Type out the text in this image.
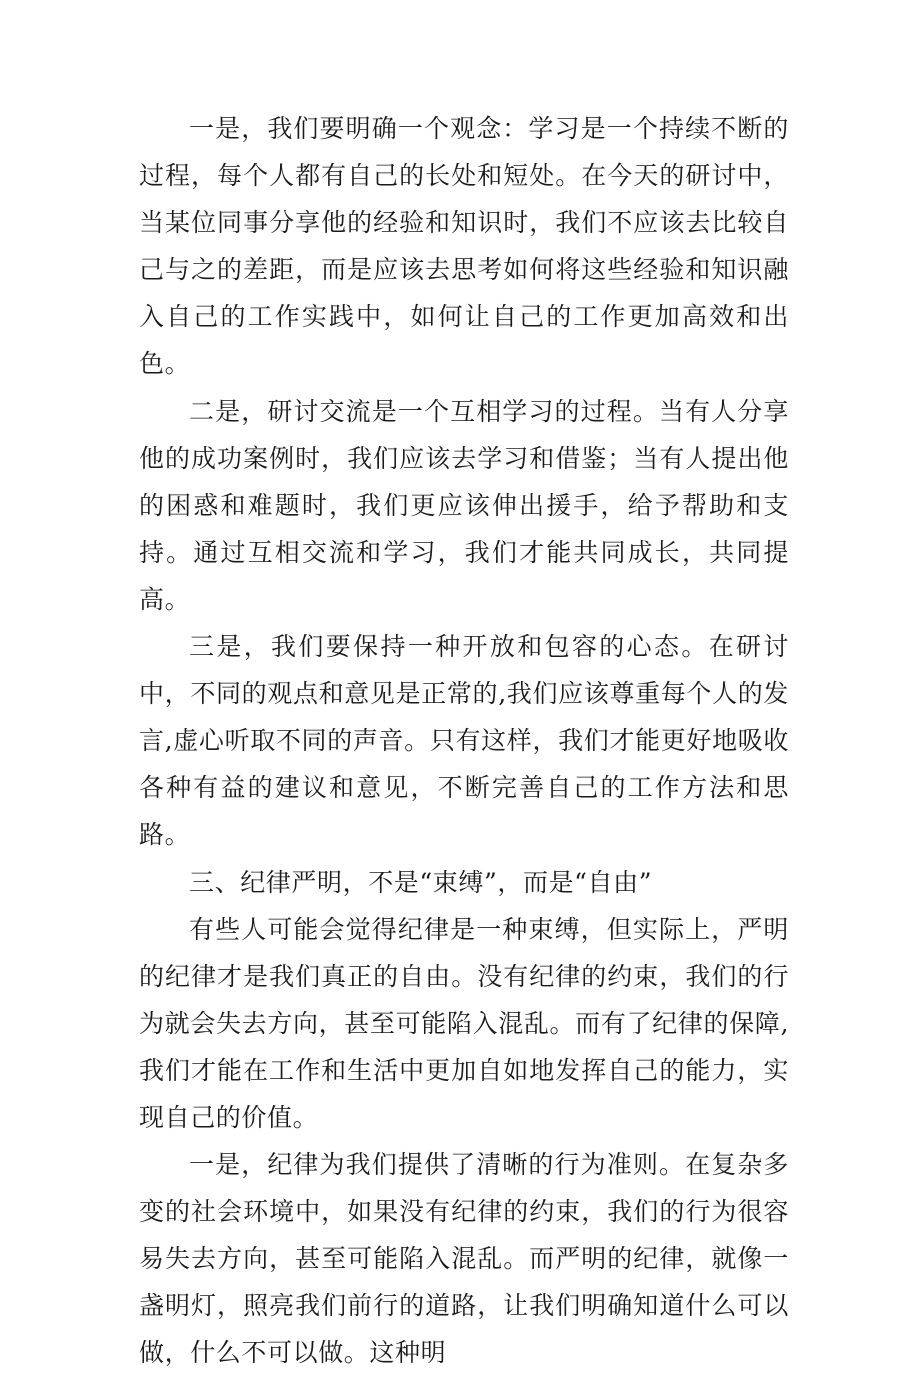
一是，我们要明确一个观念：学习是一个持续不断的过程，每个人都有自己的长处和短处。在今天的研讨中，当某位同事分享他的经验和知识时，我们不应该去比较自己与之的差距，而是应该去思考如何将这些经验和知识融入自己的工作实践中，如何让自己的工作更加高效和出色。

二是，研讨交流是一个互相学习的过程。当有人分享他的成功案例时，我们应该去学习和借鉴；当有人提出他的困惑和难题时，我们更应该伸出援手，给予帮助和支持。通过互相交流和学习，我们才能共同成长，共同提高。

三是，我们要保持一种开放和包容的心态。在研讨中，不同的观点和意见是正常的,我们应该尊重每个人的发言,虚心听取不同的声音。只有这样，我们才能更好地吸收各种有益的建议和意见，不断完善自己的工作方法和思路。

三、纪律严明，不是“束缚”，而是“自由”

有些人可能会觉得纪律是一种束缚，但实际上，严明的纪律才是我们真正的自由。没有纪律的约束，我们的行为就会失去方向，甚至可能陷入混乱。而有了纪律的保障,我们才能在工作和生活中更加自如地发挥自己的能力，实现自己的价值。

一是，纪律为我们提供了清晰的行为准则。在复杂多变的社会环境中，如果没有纪律的约束，我们的行为很容易失去方向，甚至可能陷入混乱。而严明的纪律，就像一盏明灯，照亮我们前行的道路，让我们明确知道什么可以做，什么不可以做。这种明
